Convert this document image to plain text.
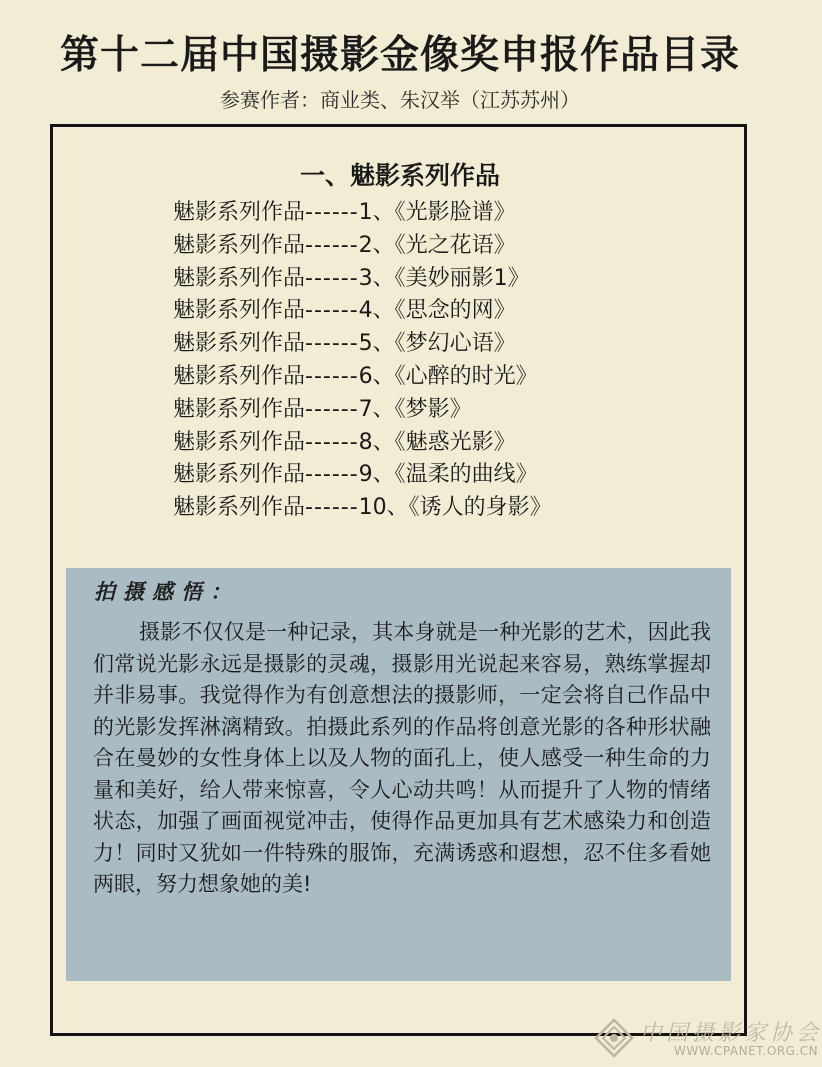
第十二届中国摄影金像奖申报作品目录
参赛作者：商业类、朱汉举（江苏苏州）
一、魅影系列作品
魅影系列作品------1、《光影脸谱》
魅影系列作品------2、《光之花语》
魅影系列作品------3、《美妙丽影1》
魅影系列作品------4、《思念的网》
魅影系列作品------5、《梦幻心语》
魅影系列作品------6、《心醉的时光》
魅影系列作品------7、《梦影》
魅影系列作品------8、《魅惑光影》
魅影系列作品------9、《温柔的曲线》
魅影系列作品------10、《诱人的身影》
拍摄感悟：

摄影不仅仅是一种记录，其本身就是一种光影的艺术，因此我们常说光影永远是摄影的灵魂，摄影用光说起来容易，熟练掌握却并非易事。我觉得作为有创意想法的摄影师，一定会将自己作品中的光影发挥淋漓精致。拍摄此系列的作品将创意光影的各种形状融合在曼妙的女性身体上以及人物的面孔上，使人感受一种生命的力量和美好，给人带来惊喜，令人心动共鸣！从而提升了人物的情绪状态，加强了画面视觉冲击，使得作品更加具有艺术感染力和创造力！同时又犹如一件特殊的服饰，充满诱惑和遐想，忍不住多看她两眼，努力想象她的美!

中国摄影家协会
WWW.CPANET.ORG.CN
